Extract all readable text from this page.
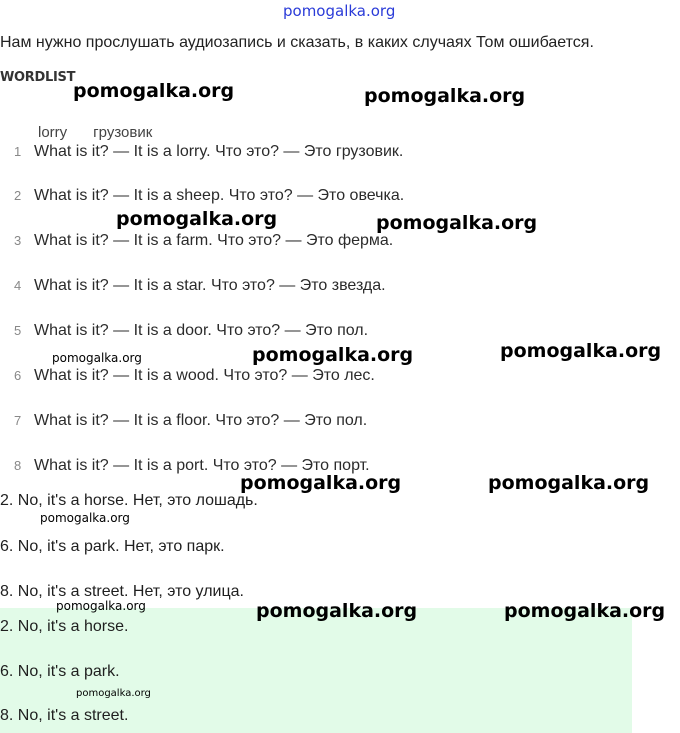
pomogalka.org
Нам нужно прослушать аудиозапись и сказать, в каких случаях Том ошибается.
WORDLIST
lorry грузовик
1 What is it? — It is a lorry. Что это? — Это грузовик.
2 What is it? — It is a sheep. Что это? — Это овечка.
3 What is it? — It is a farm. Что это? — Это ферма.
4 What is it? — It is a star. Что это? — Это звезда.
5 What is it? — It is a door. Что это? — Это пол.
6 What is it? — It is a wood. Что это? — Это лес.
7 What is it? — It is a floor. Что это? — Это пол.
8 What is it? — It is a port. Что это? — Это порт.
2. No, it's a horse. Нет, это лошадь.
6. No, it's a park. Нет, это парк.
8. No, it's a street. Нет, это улица.
2. No, it's a horse.
6. No, it's a park.
8. No, it's a street.
pomogalka.org	pomogalka.org
pomogalka.org	pomogalka.org
pomogalka.org	pomogalka.org	pomogalka.org
pomogalka.org	pomogalka.org
pomogalka.org
pomogalka.org	pomogalka.org	pomogalka.org
pomogalka.org
